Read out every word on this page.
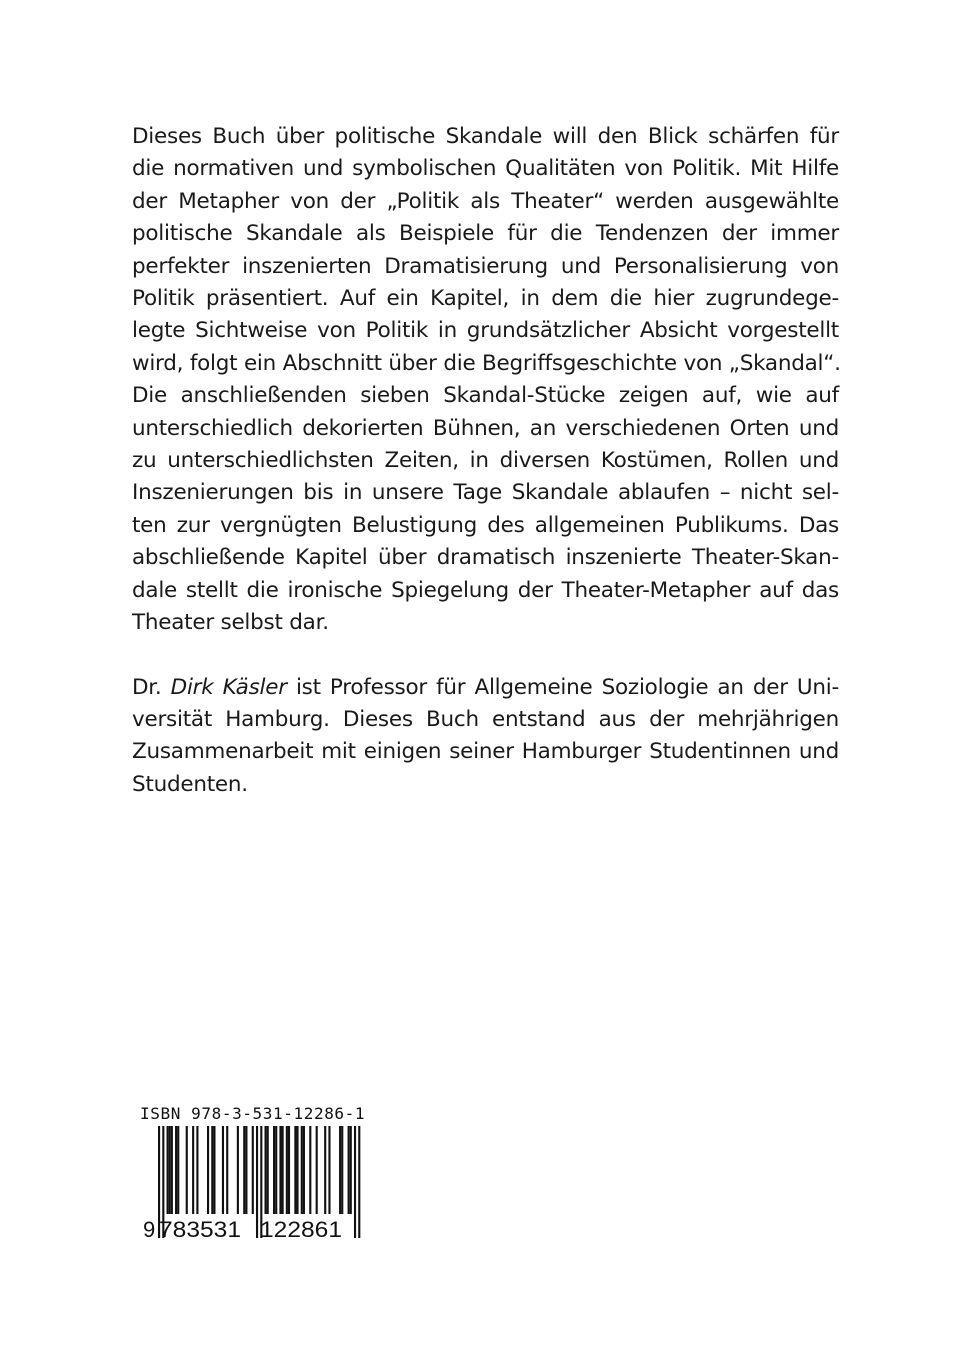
Dieses Buch über politische Skandale will den Blick schärfen für
die normativen und symbolischen Qualitäten von Politik. Mit Hilfe
der Metapher von der „Politik als Theater“ werden ausgewählte
politische Skandale als Beispiele für die Tendenzen der immer
perfekter inszenierten Dramatisierung und Personalisierung von
Politik präsentiert. Auf ein Kapitel, in dem die hier zugrundege-
legte Sichtweise von Politik in grundsätzlicher Absicht vorgestellt
wird, folgt ein Abschnitt über die Begriffsgeschichte von „Skandal“.
Die anschließenden sieben Skandal-Stücke zeigen auf, wie auf
unterschiedlich dekorierten Bühnen, an verschiedenen Orten und
zu unterschiedlichsten Zeiten, in diversen Kostümen, Rollen und
Inszenierungen bis in unsere Tage Skandale ablaufen – nicht sel-
ten zur vergnügten Belustigung des allgemeinen Publikums. Das
abschließende Kapitel über dramatisch inszenierte Theater-Skan-
dale stellt die ironische Spiegelung der Theater-Metapher auf das
Theater selbst dar.
Dr. Dirk Käsler ist Professor für Allgemeine Soziologie an der Uni-
versität Hamburg. Dieses Buch entstand aus der mehrjährigen
Zusammenarbeit mit einigen seiner Hamburger Studentinnen und
Studenten.
ISBN 978-3-531-12286-1
9 783531 122861
